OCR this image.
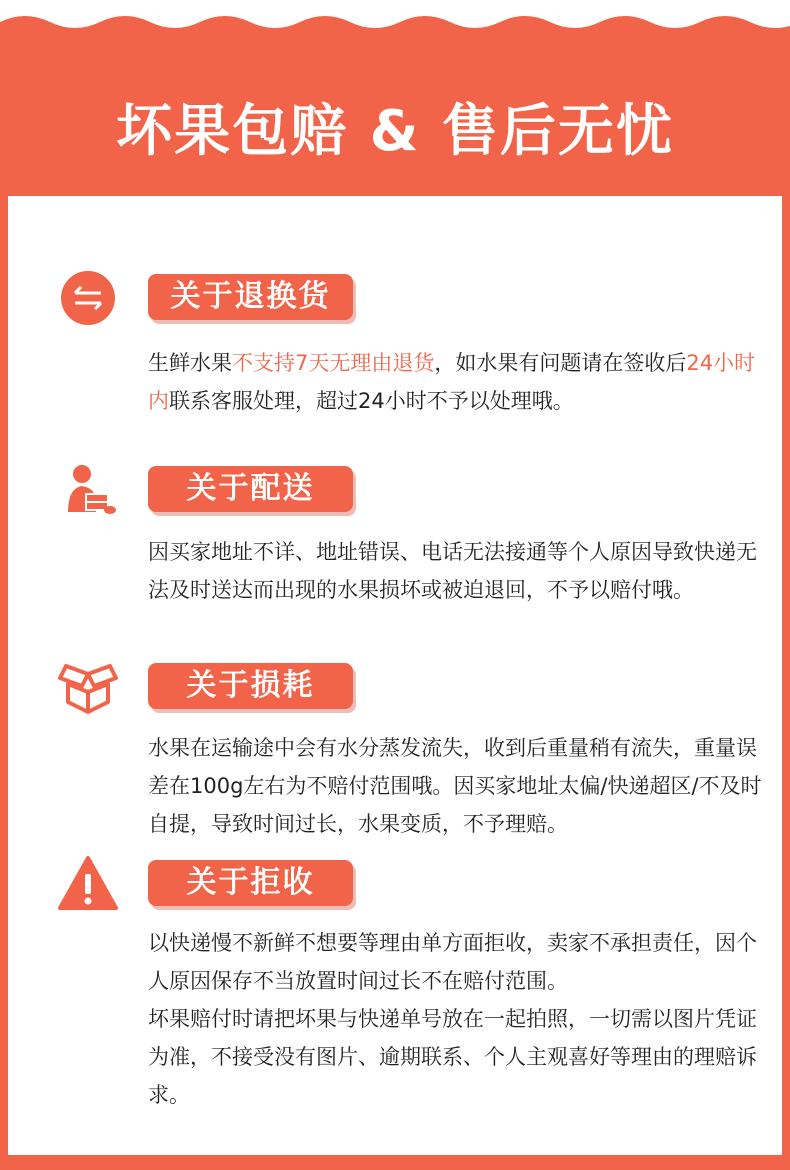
坏果包赔 & 售后无忧
关于退换货
生鲜水果不支持7天无理由退货，如水果有问题请在签收后24小时内联系客服处理，超过24小时不予以处理哦。
关于配送
因买家地址不详、地址错误、电话无法接通等个人原因导致快递无法及时送达而出现的水果损坏或被迫退回，不予以赔付哦。
关于损耗
水果在运输途中会有水分蒸发流失，收到后重量稍有流失，重量误差在100g左右为不赔付范围哦。因买家地址太偏/快递超区/不及时自提，导致时间过长，水果变质，不予理赔。
关于拒收
以快递慢不新鲜不想要等理由单方面拒收，卖家不承担责任，因个人原因保存不当放置时间过长不在赔付范围。
坏果赔付时请把坏果与快递单号放在一起拍照，一切需以图片凭证为准，不接受没有图片、逾期联系、个人主观喜好等理由的理赔诉求。
